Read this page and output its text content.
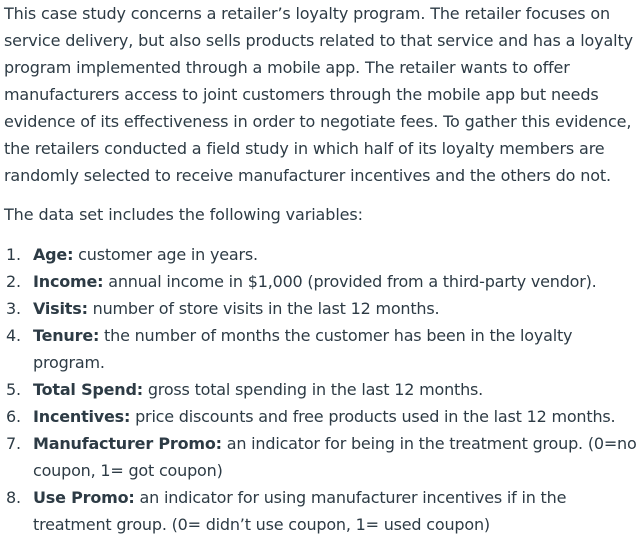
This case study concerns a retailer’s loyalty program. The retailer focuses on service delivery, but also sells products related to that service and has a loyalty program implemented through a mobile app. The retailer wants to offer manufacturers access to joint customers through the mobile app but needs evidence of its effectiveness in order to negotiate fees. To gather this evidence, the retailers conducted a field study in which half of its loyalty members are randomly selected to receive manufacturer incentives and the others do not.

The data set includes the following variables:

1. Age: customer age in years.
2. Income: annual income in $1,000 (provided from a third-party vendor).
3. Visits: number of store visits in the last 12 months.
4. Tenure: the number of months the customer has been in the loyalty program.
5. Total Spend: gross total spending in the last 12 months.
6. Incentives: price discounts and free products used in the last 12 months.
7. Manufacturer Promo: an indicator for being in the treatment group. (0=no coupon, 1= got coupon)
8. Use Promo: an indicator for using manufacturer incentives if in the treatment group. (0= didn’t use coupon, 1= used coupon)
